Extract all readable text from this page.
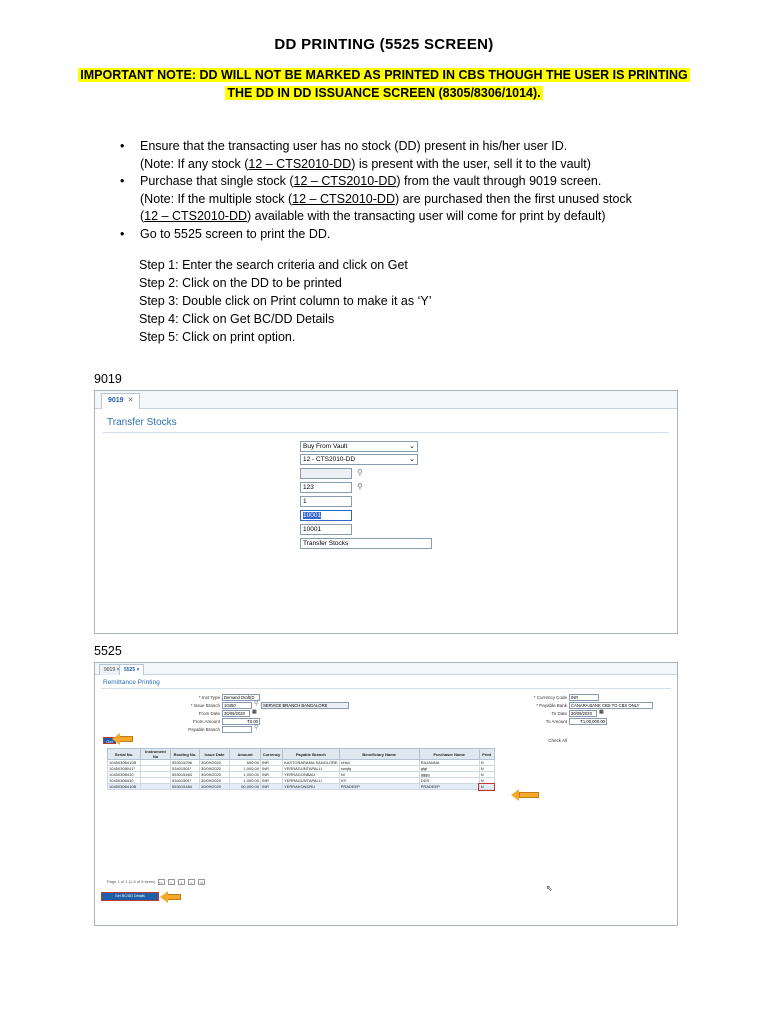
DD PRINTING (5525 SCREEN)
IMPORTANT NOTE: DD WILL NOT BE MARKED AS PRINTED IN CBS THOUGH THE USER IS PRINTING
THE DD IN DD ISSUANCE SCREEN (8305/8306/1014).
• Ensure that the transacting user has no stock (DD) present in his/her user ID.
(Note: If any stock (12 – CTS2010-DD) is present with the user, sell it to the vault)
• Purchase that single stock (12 – CTS2010-DD) from the vault through 9019 screen.
(Note: If the multiple stock (12 – CTS2010-DD) are purchased then the first unused stock
(12 – CTS2010-DD) available with the transacting user will come for print by default)
• Go to 5525 screen to print the DD.
Step 1: Enter the search criteria and click on Get
Step 2: Click on the DD to be printed
Step 3: Double click on Print column to make it as ‘Y’
Step 4: Click on Get BC/DD Details
Step 5: Click on print option.
9019
9019 ✕
Transfer Stocks
Buy From Vault	⌄
12 - CTS2010-DD	⌄
⚲
123	⚲
1
10001
10001
Transfer Stocks
5525
9019 × 5525 ×
Remittance Printing
* Inst Type Demand Draft(D
* Issue Branch 10450	⚲	SERVICE BRANCH BANGALORE
From Date 30/09/2020	▦
From Amount	₹0.00
Payable Branch	⚲
* Currency Code INR
* Payable Bank CANARA BANK CBS TO CBS ONLY
To Date 30/09/2020	▦
To Amount	₹1,00,000.00
Check All
Get
Serial No.	Instrument No	Routing No.	Issue Date	Amount	Currency	Payable Branch	Beneficiary Name	Purchaser Name	Print
10450308410B		553015296	30/09/2020	600.00	INR	KASTORARAMA SANGLORE	sHsh	RAJANNA	N
10450308041¹		53401501¹	30/09/2020	1,000.00	INR	YERRAGUNTAPALLI	cwqfq	gfgf	N
10450308410·		553015464	30/09/2020	1,000.00	INR	YERRAGONBAU	NI	gggg	N
10450308410¸		53401501¹	30/09/2020	1,000.00	INR	YERRAGUNTAPALLI	VS	DDS	N
10450308410B		553015484	30/09/2020	50,000.00	INR	YERRAKONDRU	PRADEEP	PRADEEP	N
Page 1 of 1 (1-5 of 5 items) |< < 1 > >|
⇖
Get BC/DD Details
